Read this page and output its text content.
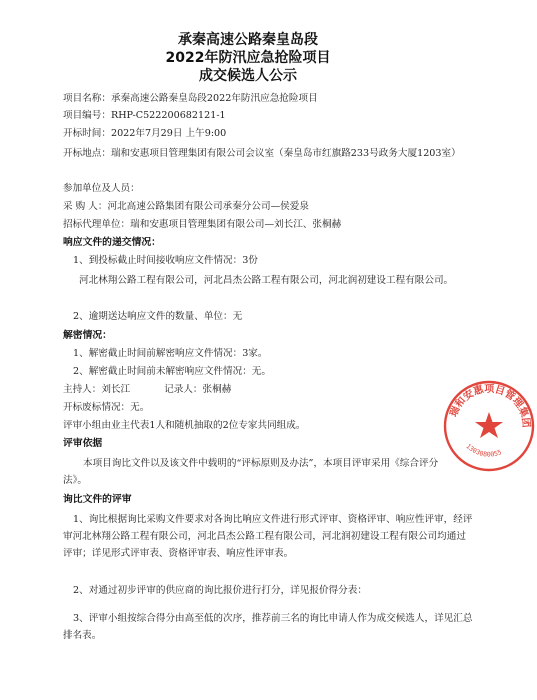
承秦高速公路秦皇岛段
2022年防汛应急抢险项目
成交候选人公示
项目名称：承秦高速公路秦皇岛段2022年防汛应急抢险项目
项目编号：RHP-C522200682121-1
开标时间：2022年7月29日 上午9:00
开标地点：瑞和安惠项目管理集团有限公司会议室（秦皇岛市红旗路233号政务大厦1203室）
参加单位及人员：
采 购 人：河北高速公路集团有限公司承秦分公司—侯爱泉
招标代理单位：瑞和安惠项目管理集团有限公司—刘长江、张桐赫
响应文件的递交情况：
1、到投标截止时间接收响应文件情况：3份
河北林翔公路工程有限公司，河北昌杰公路工程有限公司，河北润初建设工程有限公司。
2、逾期送达响应文件的数量、单位：无
解密情况：
1、解密截止时间前解密响应文件情况：3家。
2、解密截止时间前未解密响应文件情况：无。
主持人：刘长江	记录人：张桐赫
开标废标情况：无。
评审小组由业主代表1人和随机抽取的2位专家共同组成。
评审依据
本项目询比文件以及该文件中载明的“评标原则及办法”，本项目评审采用《综合评分法》。
询比文件的评审
1、询比根据询比采购文件要求对各询比响应文件进行形式评审、资格评审、响应性评审，经评审河北林翔公路工程有限公司，河北昌杰公路工程有限公司，河北润初建设工程有限公司均通过评审；详见形式评审表、资格评审表、响应性评审表。
2、对通过初步评审的供应商的询比报价进行打分，详见报价得分表：
3、评审小组按综合得分由高至低的次序，推荐前三名的询比申请人作为成交候选人，详见汇总排名表。
瑞和安惠项目管理集团
1303080055
